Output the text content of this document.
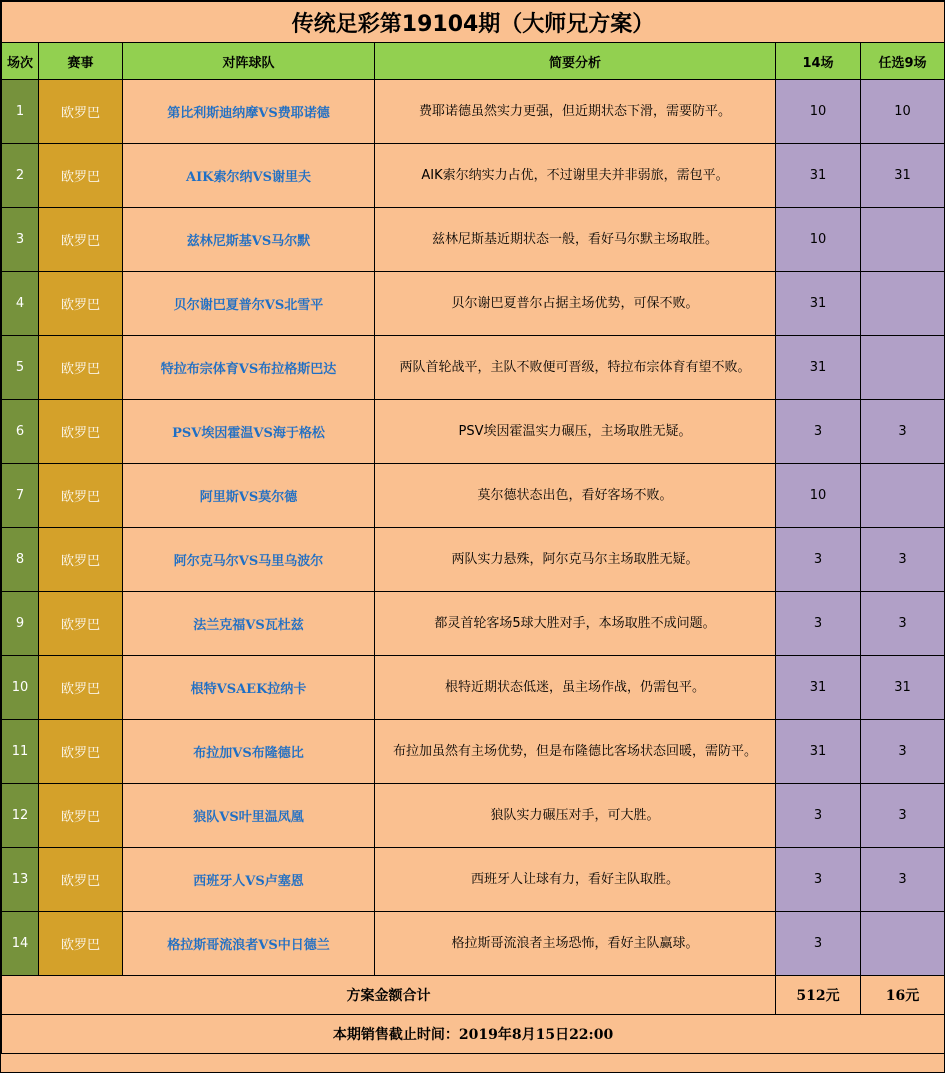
传统足彩第19104期（大师兄方案）					
场次	赛事	对阵球队	简要分析	14场	任选9场
1	欧罗巴	第比利斯迪纳摩VS费耶诺德	费耶诺德虽然实力更强，但近期状态下滑，需要防平。	10	10
2	欧罗巴	AIK索尔纳VS谢里夫	AIK索尔纳实力占优，不过谢里夫并非弱旅，需包平。	31	31
3	欧罗巴	兹林尼斯基VS马尔默	兹林尼斯基近期状态一般，看好马尔默主场取胜。	10	
4	欧罗巴	贝尔谢巴夏普尔VS北雪平	贝尔谢巴夏普尔占据主场优势，可保不败。	31	
5	欧罗巴	特拉布宗体育VS布拉格斯巴达	两队首轮战平，主队不败便可晋级，特拉布宗体育有望不败。	31	
6	欧罗巴	PSV埃因霍温VS海于格松	PSV埃因霍温实力碾压，主场取胜无疑。	3	3
7	欧罗巴	阿里斯VS莫尔德	莫尔德状态出色，看好客场不败。	10	
8	欧罗巴	阿尔克马尔VS马里乌波尔	两队实力悬殊，阿尔克马尔主场取胜无疑。	3	3
9	欧罗巴	法兰克福VS瓦杜兹	都灵首轮客场5球大胜对手，本场取胜不成问题。	3	3
10	欧罗巴	根特VSAEK拉纳卡	根特近期状态低迷，虽主场作战，仍需包平。	31	31
11	欧罗巴	布拉加VS布隆德比	布拉加虽然有主场优势，但是布隆德比客场状态回暖，需防平。	31	3
12	欧罗巴	狼队VS叶里温凤凰	狼队实力碾压对手，可大胜。	3	3
13	欧罗巴	西班牙人VS卢塞恩	西班牙人让球有力，看好主队取胜。	3	3
14	欧罗巴	格拉斯哥流浪者VS中日德兰	格拉斯哥流浪者主场恐怖，看好主队赢球。	3	
方案金额合计				512元	16元
本期销售截止时间：2019年8月15日22:00					
